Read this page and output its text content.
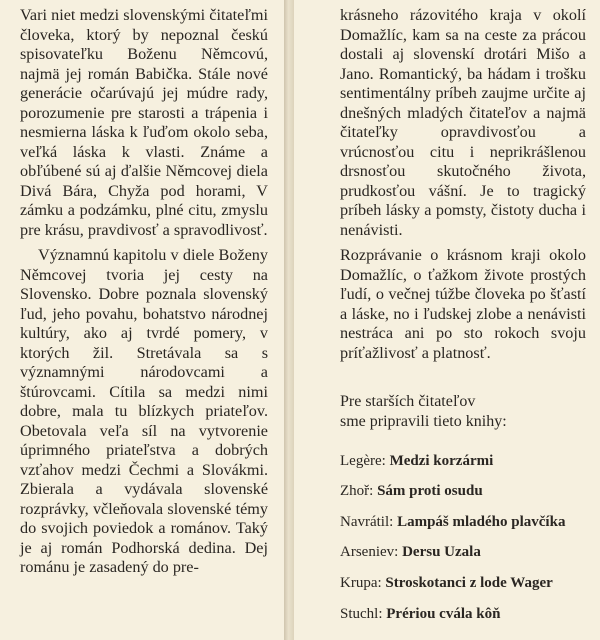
Vari niet medzi slovenskými čitateľmi človeka, ktorý by nepoznal českú spisovateľku Boženu Němcovú, najmä jej román Babička. Stále nové generácie očarúvajú jej múdre rady, porozumenie pre starosti a trápenia i nesmierna láska k ľuďom okolo seba, veľká láska k vlasti. Známe a obľúbené sú aj ďalšie Němcovej diela Divá Bára, Chyža pod horami, V zámku a podzámku, plné citu, zmyslu pre krásu, pravdivosť a spravodlivosť.

Významnú kapitolu v diele Boženy Němcovej tvoria jej cesty na Slovensko. Dobre poznala slovenský ľud, jeho povahu, bohatstvo národnej kultúry, ako aj tvrdé pomery, v ktorých žil. Stretávala sa s významnými národovcami a štúrovcami. Cítila sa medzi nimi dobre, mala tu blízkych priateľov. Obetovala veľa síl na vytvorenie úprimného priateľstva a dobrých vzťahov medzi Čechmi a Slovákmi. Zbierala a vydávala slovenské rozprávky, včleňovala slovenské témy do svojich poviedok a románov. Taký je aj román Podhorská dedina. Dej románu je zasadený do pre-

krásneho rázovitého kraja v okolí Domažlíc, kam sa na ceste za prácou dostali aj slovenskí drotári Mišo a Jano. Romantický, ba hádam i trošku sentimentálny príbeh zaujme určite aj dnešných mladých čitateľov a najmä čitateľky opravdivosťou a vrúcnosťou citu i neprikrášlenou drsnosťou skutočného života, prudkosťou vášní. Je to tragický príbeh lásky a pomsty, čistoty ducha i nenávisti.

Rozprávanie o krásnom kraji okolo Domažlíc, o ťažkom živote prostých ľudí, o večnej túžbe človeka po šťastí a láske, no i ľudskej zlobe a nenávisti nestráca ani po sto rokoch svoju príťažlivosť a platnosť.

Pre starších čitateľov
sme pripravili tieto knihy:
Legère: Medzi korzármi
Zhoř: Sám proti osudu
Navrátil: Lampáš mladého plavčíka
Arseniev: Dersu Uzala
Krupa: Stroskotanci z lode Wager
Stuchl: Prériou cvála kôň
